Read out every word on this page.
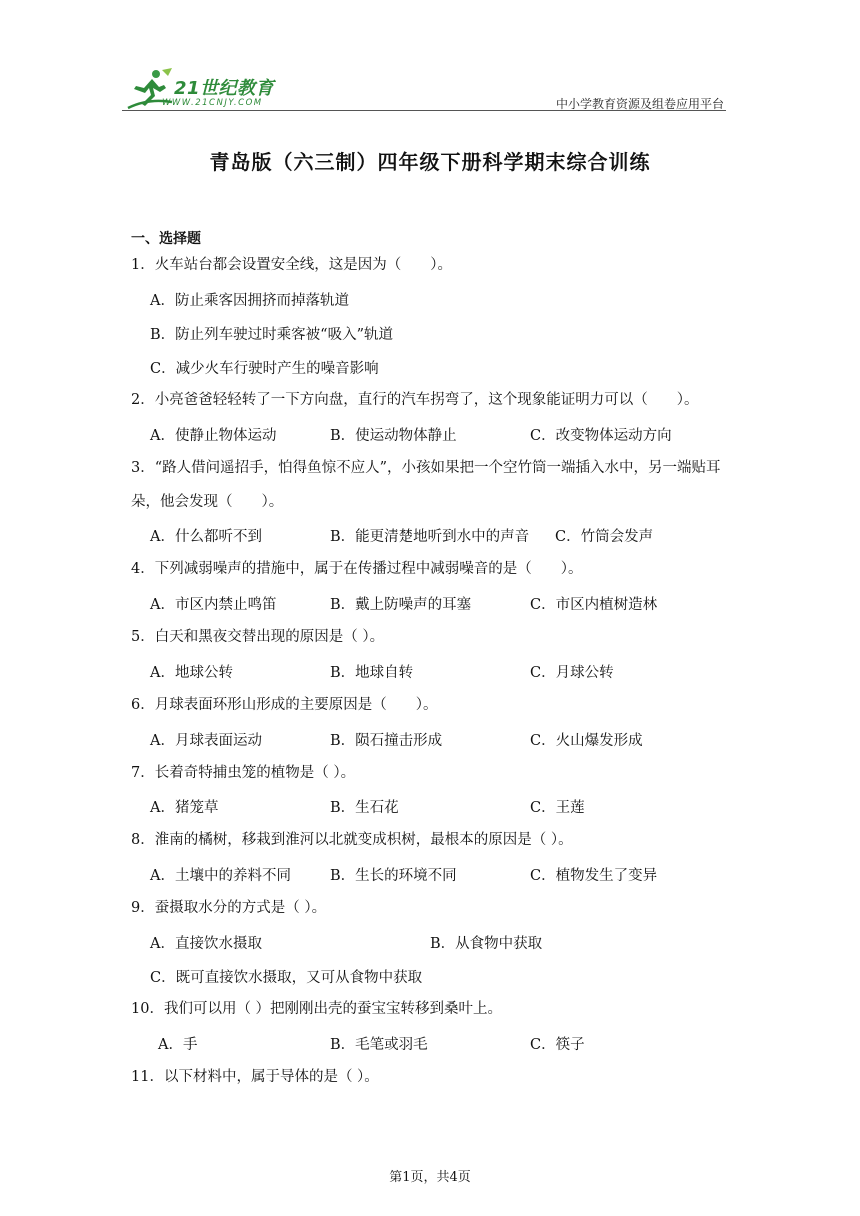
21世纪教育
WWW.21CNJY.COM	中小学教育资源及组卷应用平台
青岛版（六三制）四年级下册科学期末综合训练
一、选择题
1．火车站台都会设置安全线，这是因为（　　）。
A．防止乘客因拥挤而掉落轨道
B．防止列车驶过时乘客被“吸入”轨道
C．减少火车行驶时产生的噪音影响
2．小亮爸爸轻轻转了一下方向盘，直行的汽车拐弯了，这个现象能证明力可以（　　）。
A．使静止物体运动	B．使运动物体静止	C．改变物体运动方向
3．“路人借问遥招手，怕得鱼惊不应人”，小孩如果把一个空竹筒一端插入水中，另一端贴耳朵，他会发现（　　）。
A．什么都听不到	B．能更清楚地听到水中的声音 C．竹筒会发声
4．下列减弱噪声的措施中，属于在传播过程中减弱噪音的是（　　）。
A．市区内禁止鸣笛	B．戴上防噪声的耳塞	C．市区内植树造林
5．白天和黑夜交替出现的原因是（ ）。
A．地球公转	B．地球自转	C．月球公转
6．月球表面环形山形成的主要原因是（　　）。
A．月球表面运动	B．陨石撞击形成	C．火山爆发形成
7．长着奇特捕虫笼的植物是（ ）。
A．猪笼草	B．生石花	C．王莲
8．淮南的橘树，移栽到淮河以北就变成枳树，最根本的原因是（ ）。
A．土壤中的养料不同	B．生长的环境不同	C．植物发生了变异
9．蚕摄取水分的方式是（ ）。
A．直接饮水摄取	B．从食物中获取
C．既可直接饮水摄取，又可从食物中获取
10．我们可以用（ ）把刚刚出壳的蚕宝宝转移到桑叶上。
A．手	B．毛笔或羽毛	C．筷子
11．以下材料中，属于导体的是（ ）。
第1页，共4页
